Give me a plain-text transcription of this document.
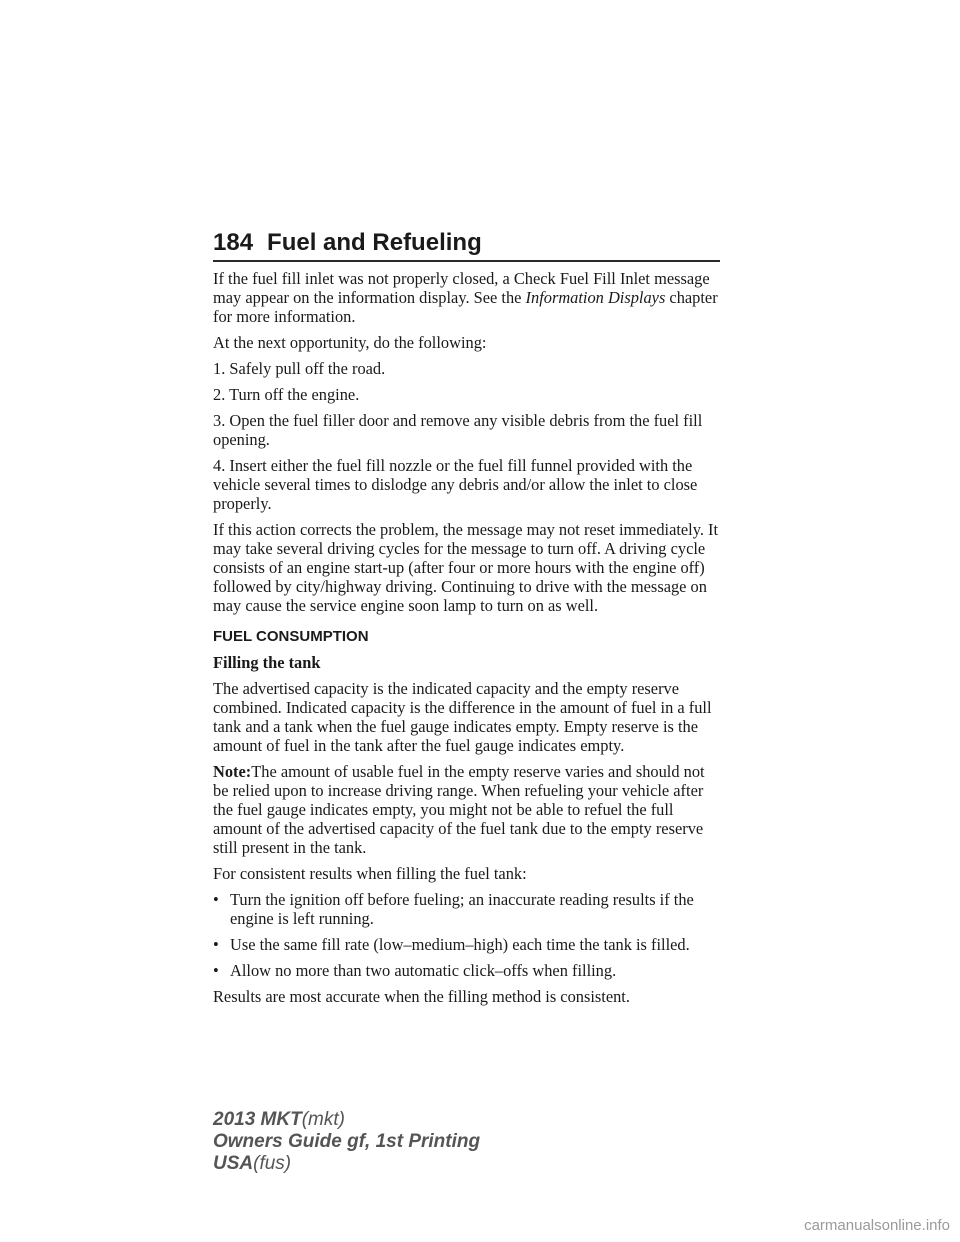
184 Fuel and Refueling

If the fuel fill inlet was not properly closed, a Check Fuel Fill Inlet message may appear on the information display. See the Information Displays chapter for more information.

At the next opportunity, do the following:

1. Safely pull off the road.

2. Turn off the engine.

3. Open the fuel filler door and remove any visible debris from the fuel fill opening.

4. Insert either the fuel fill nozzle or the fuel fill funnel provided with the vehicle several times to dislodge any debris and/or allow the inlet to close properly.

If this action corrects the problem, the message may not reset immediately. It may take several driving cycles for the message to turn off. A driving cycle consists of an engine start-up (after four or more hours with the engine off) followed by city/highway driving. Continuing to drive with the message on may cause the service engine soon lamp to turn on as well.

FUEL CONSUMPTION
Filling the tank

The advertised capacity is the indicated capacity and the empty reserve combined. Indicated capacity is the difference in the amount of fuel in a full tank and a tank when the fuel gauge indicates empty. Empty reserve is the amount of fuel in the tank after the fuel gauge indicates empty.

Note:The amount of usable fuel in the empty reserve varies and should not be relied upon to increase driving range. When refueling your vehicle after the fuel gauge indicates empty, you might not be able to refuel the full amount of the advertised capacity of the fuel tank due to the empty reserve still present in the tank.

For consistent results when filling the fuel tank:

• Turn the ignition off before fueling; an inaccurate reading results if the engine is left running.
• Use the same fill rate (low–medium–high) each time the tank is filled.
• Allow no more than two automatic click–offs when filling.

Results are most accurate when the filling method is consistent.

2013 MKT(mkt)
Owners Guide gf, 1st Printing
USA(fus)
carmanualsonline.info
